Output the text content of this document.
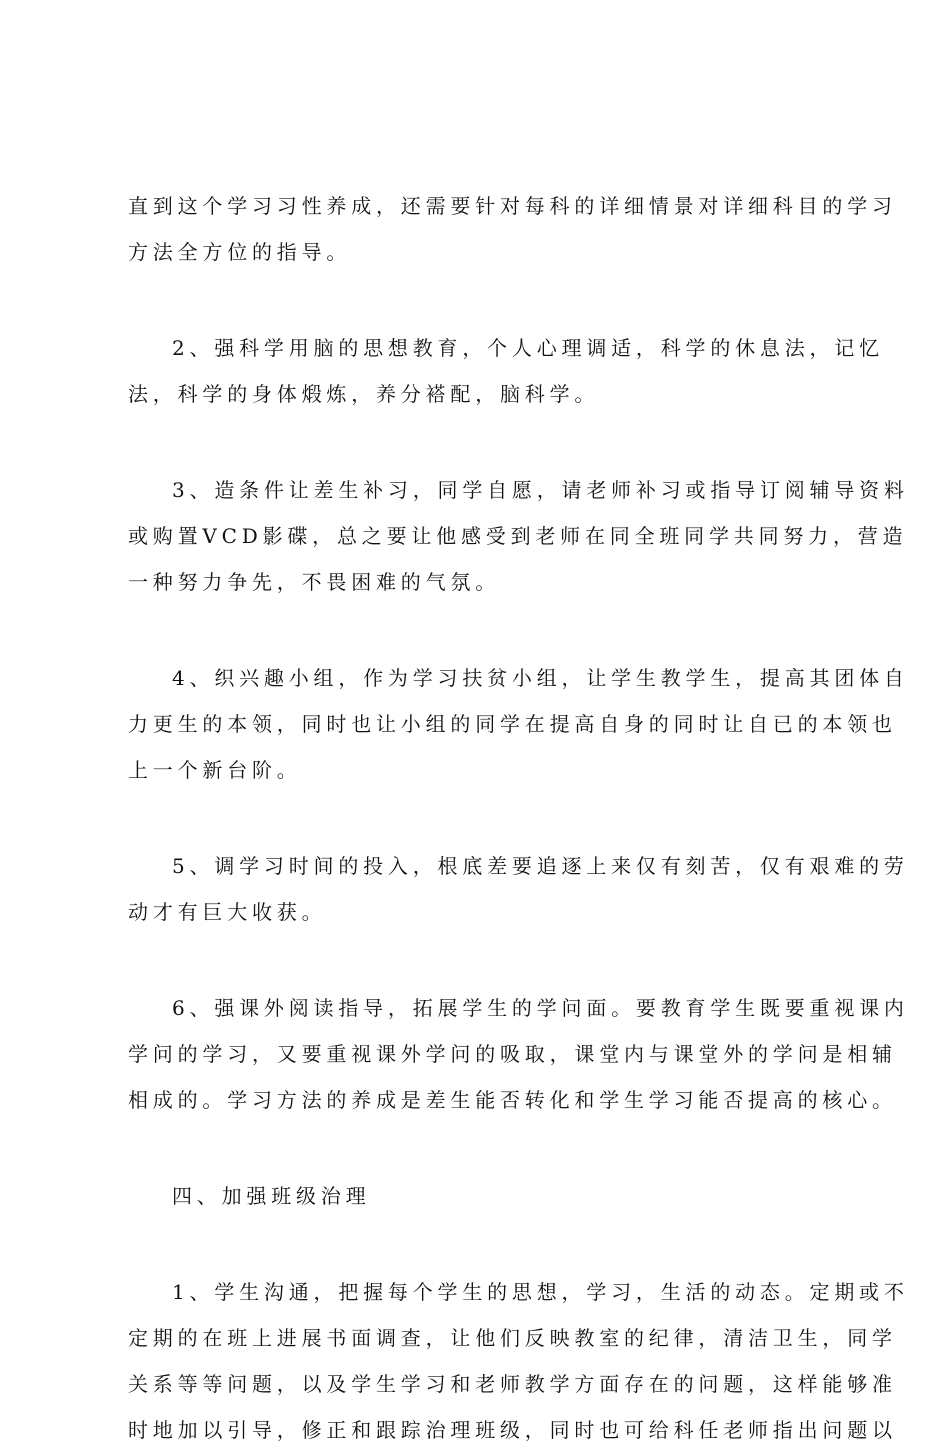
直到这个学习习性养成，还需要针对每科的详细情景对详细科目的学习
方法全方位的指导。
2、强科学用脑的思想教育，个人心理调适，科学的休息法，记忆
法，科学的身体煅炼，养分褡配，脑科学。
3、造条件让差生补习，同学自愿，请老师补习或指导订阅辅导资料
或购置VCD影碟，总之要让他感受到老师在同全班同学共同努力，营造
一种努力争先，不畏困难的气氛。
4、织兴趣小组，作为学习扶贫小组，让学生教学生，提高其团体自
力更生的本领，同时也让小组的同学在提高自身的同时让自已的本领也
上一个新台阶。
5、调学习时间的投入，根底差要追逐上来仅有刻苦，仅有艰难的劳
动才有巨大收获。
6、强课外阅读指导，拓展学生的学问面。要教育学生既要重视课内
学问的学习，又要重视课外学问的吸取，课堂内与课堂外的学问是相辅
相成的。学习方法的养成是差生能否转化和学生学习能否提高的核心。
四、加强班级治理
1、学生沟通，把握每个学生的思想，学习，生活的动态。定期或不
定期的在班上进展书面调查，让他们反映教室的纪律，清洁卫生，同学
关系等等问题，以及学生学习和老师教学方面存在的问题，这样能够准
时地加以引导，修正和跟踪治理班级，同时也可给科任老师指出问题以
